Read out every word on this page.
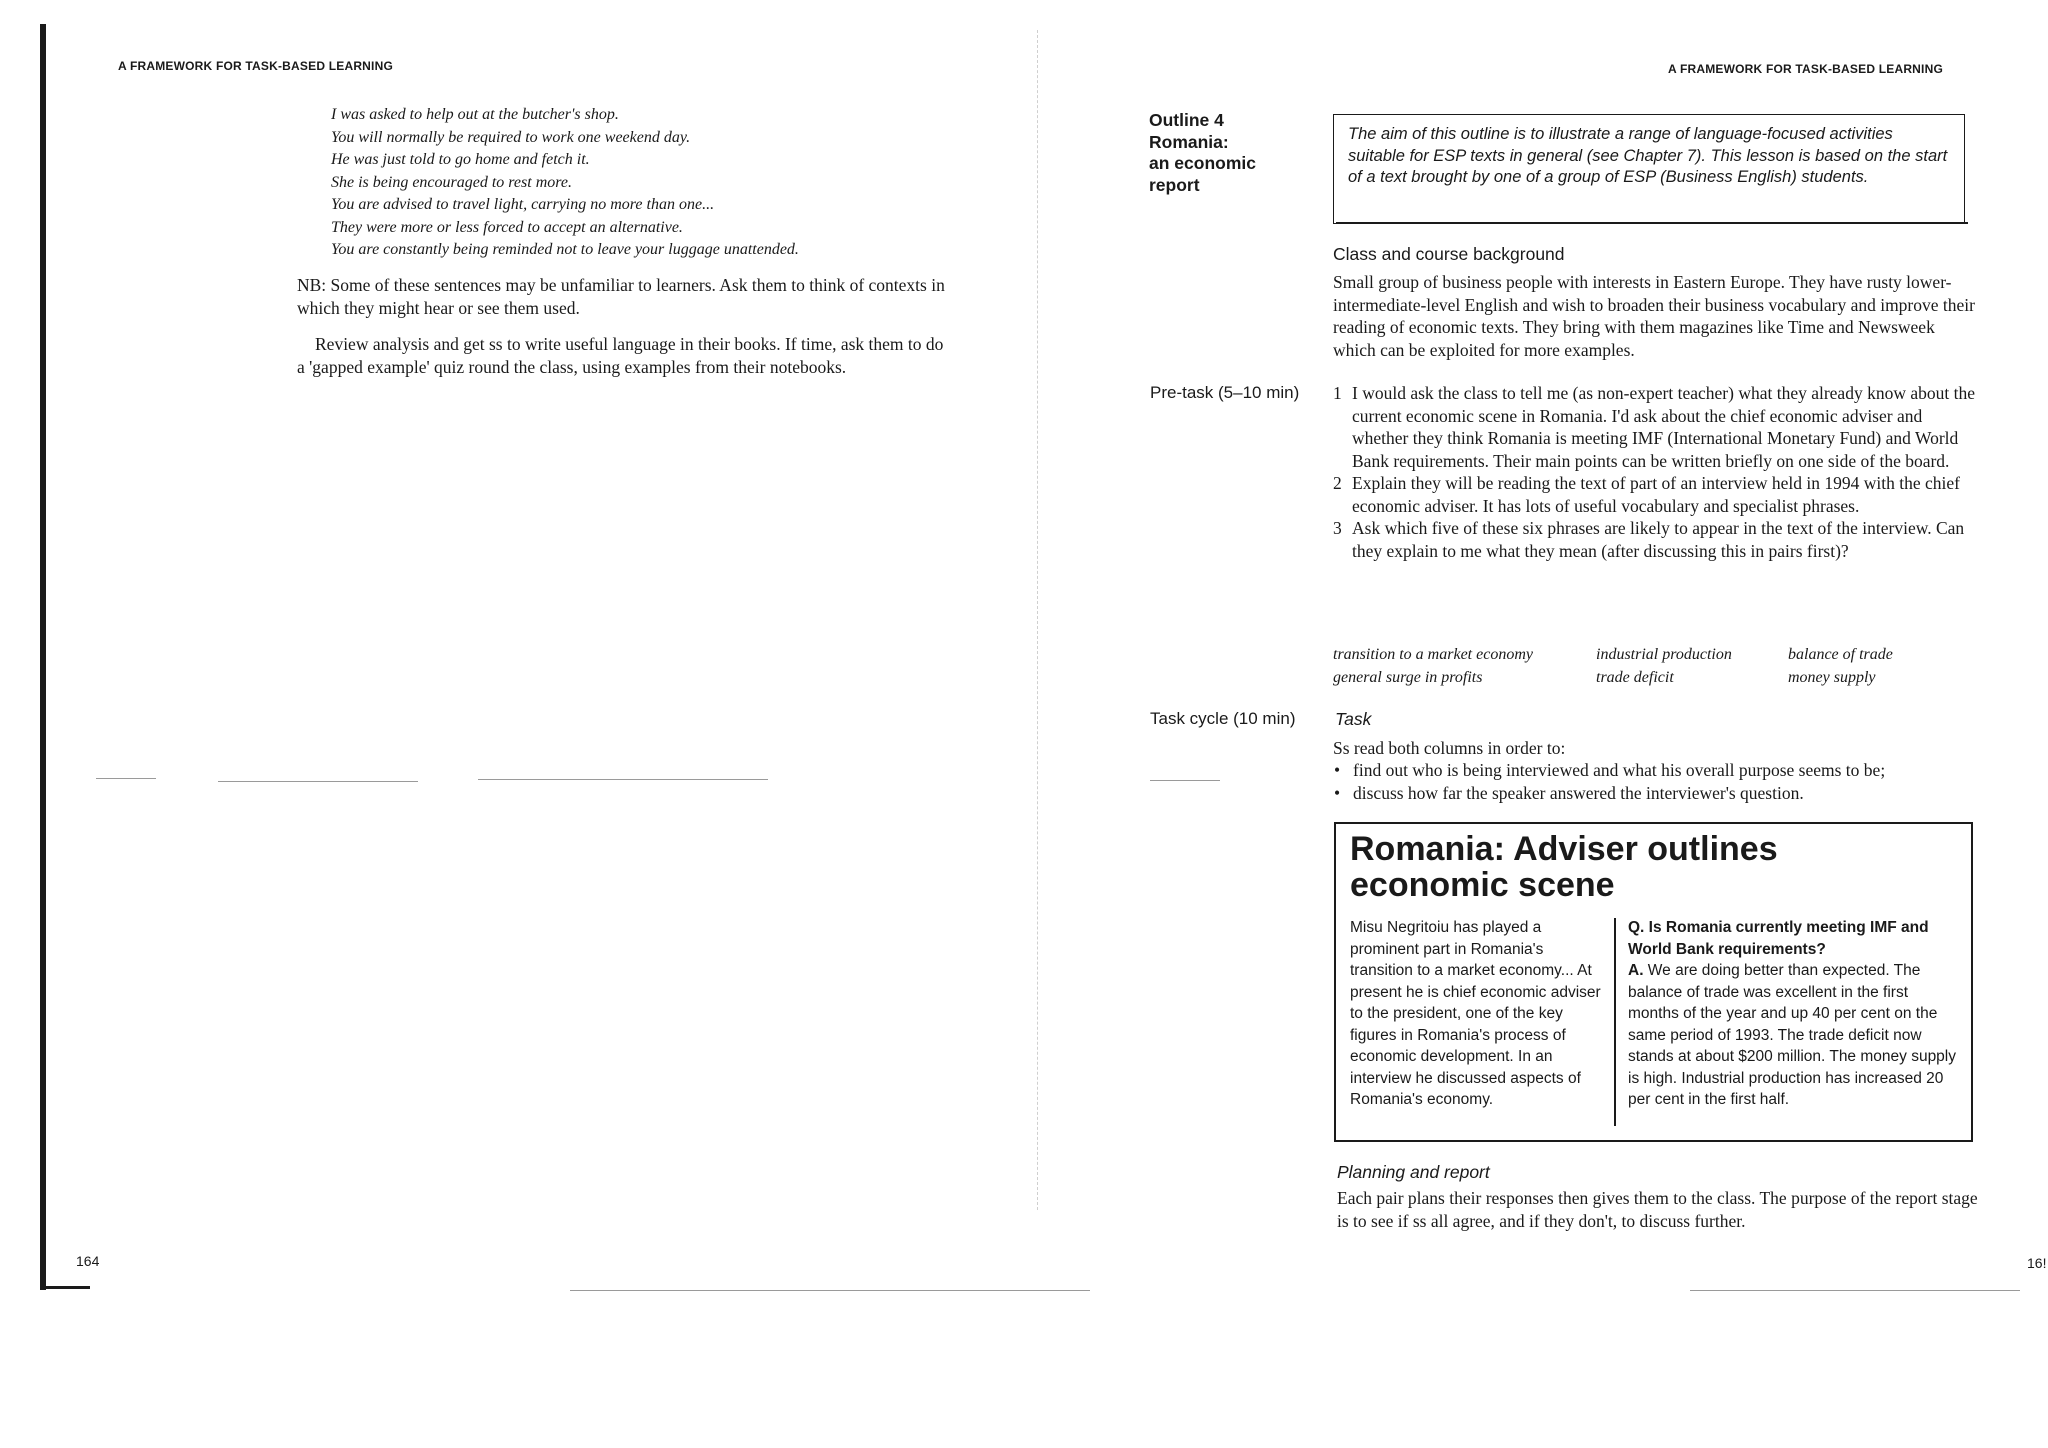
A FRAMEWORK FOR TASK-BASED LEARNING
I was asked to help out at the butcher's shop.
You will normally be required to work one weekend day.
He was just told to go home and fetch it.
She is being encouraged to rest more.
You are advised to travel light, carrying no more than one...
They were more or less forced to accept an alternative.
You are constantly being reminded not to leave your luggage unattended.
NB: Some of these sentences may be unfamiliar to learners. Ask them to think of contexts in which they might hear or see them used.
Review analysis and get ss to write useful language in their books. If time, ask them to do a 'gapped example' quiz round the class, using examples from their notebooks.
164
A FRAMEWORK FOR TASK-BASED LEARNING
Outline 4
Romania:
an economic
report
The aim of this outline is to illustrate a range of language-focused activities suitable for ESP texts in general (see Chapter 7). This lesson is based on the start of a text brought by one of a group of ESP (Business English) students.
Class and course background
Small group of business people with interests in Eastern Europe. They have rusty lower-intermediate-level English and wish to broaden their business vocabulary and improve their reading of economic texts. They bring with them magazines like Time and Newsweek which can be exploited for more examples.
Pre-task (5–10 min) 1 I would ask the class to tell me (as non-expert teacher) what they already know about the current economic scene in Romania. I'd ask about the chief economic adviser and whether they think Romania is meeting IMF (International Monetary Fund) and World Bank requirements. Their main points can be written briefly on one side of the board.
2 Explain they will be reading the text of part of an interview held in 1994 with the chief economic adviser. It has lots of useful vocabulary and specialist phrases.
3 Ask which five of these six phrases are likely to appear in the text of the interview. Can they explain to me what they mean (after discussing this in pairs first)?
transition to a market economy	industrial production	balance of trade
general surge in profits	trade deficit	money supply
Task cycle (10 min) Task
Ss read both columns in order to:
• find out who is being interviewed and what his overall purpose seems to be;
• discuss how far the speaker answered the interviewer's question.
Romania: Adviser outlines
economic scene
Misu Negritoiu has played a prominent part in Romania's transition to a market economy... At present he is chief economic adviser to the president, one of the key figures in Romania's process of economic development. In an interview he discussed aspects of Romania's economy.
Q. Is Romania currently meeting IMF and World Bank requirements?
A. We are doing better than expected. The balance of trade was excellent in the first months of the year and up 40 per cent on the same period of 1993. The trade deficit now stands at about $200 million. The money supply is high. Industrial production has increased 20 per cent in the first half.
Planning and report
Each pair plans their responses then gives them to the class. The purpose of the report stage is to see if ss all agree, and if they don't, to discuss further.
16!
